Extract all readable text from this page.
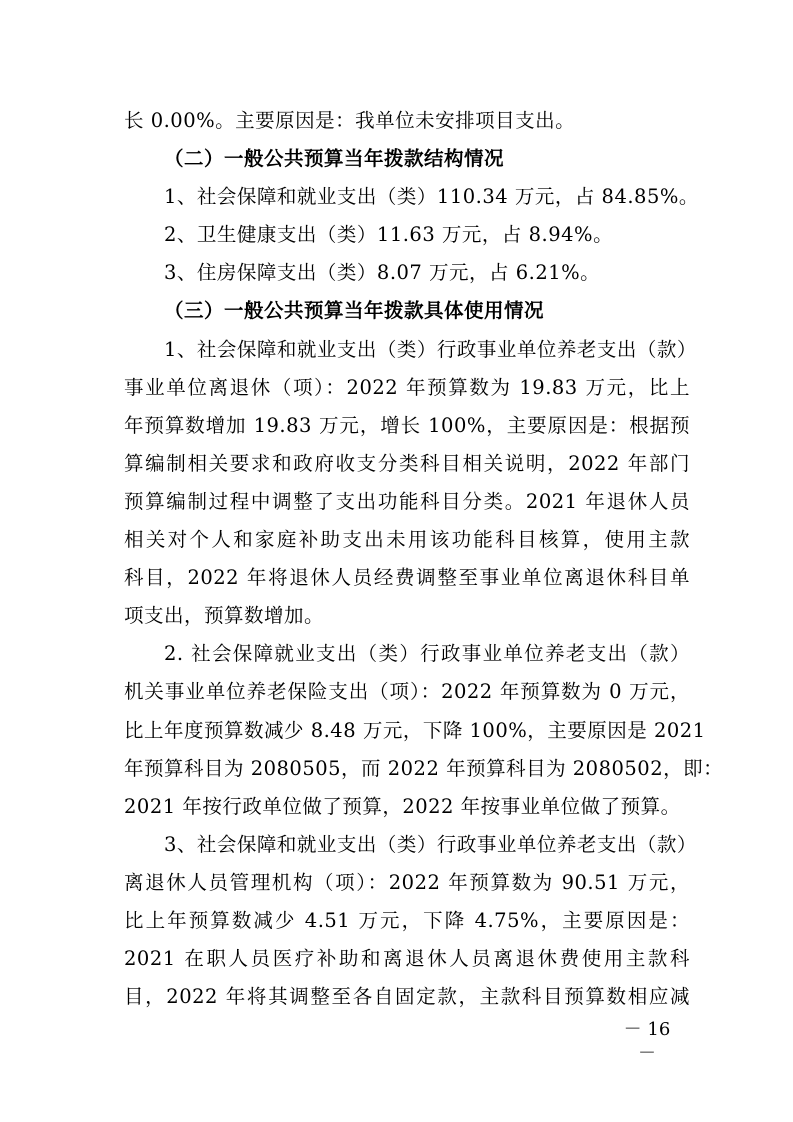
长 0.00%。主要原因是：我单位未安排项目支出。
（二）一般公共预算当年拨款结构情况
1、社会保障和就业支出（类）110.34 万元，占 84.85%。
2、卫生健康支出（类）11.63 万元，占 8.94%。
3、住房保障支出（类）8.07 万元，占 6.21%。
（三）一般公共预算当年拨款具体使用情况
1、社会保障和就业支出（类）行政事业单位养老支出（款）
事业单位离退休（项）：2022 年预算数为 19.83 万元，比上
年预算数增加 19.83 万元，增长 100%，主要原因是：根据预
算编制相关要求和政府收支分类科目相关说明，2022 年部门
预算编制过程中调整了支出功能科目分类。2021 年退休人员
相关对个人和家庭补助支出未用该功能科目核算，使用主款
科目，2022 年将退休人员经费调整至事业单位离退休科目单
项支出，预算数增加。
2. 社会保障就业支出（类）行政事业单位养老支出（款）
机关事业单位养老保险支出（项）：2022 年预算数为 0 万元，
比上年度预算数减少 8.48 万元，下降 100%，主要原因是 2021
年预算科目为 2080505，而 2022 年预算科目为 2080502，即：
2021 年按行政单位做了预算，2022 年按事业单位做了预算。
3、社会保障和就业支出（类）行政事业单位养老支出（款）
离退休人员管理机构（项）：2022 年预算数为 90.51 万元，
比上年预算数减少 4.51 万元，下降 4.75%，主要原因是：
2021 在职人员医疗补助和离退休人员离退休费使用主款科
目，2022 年将其调整至各自固定款，主款科目预算数相应减
－ 16 －
